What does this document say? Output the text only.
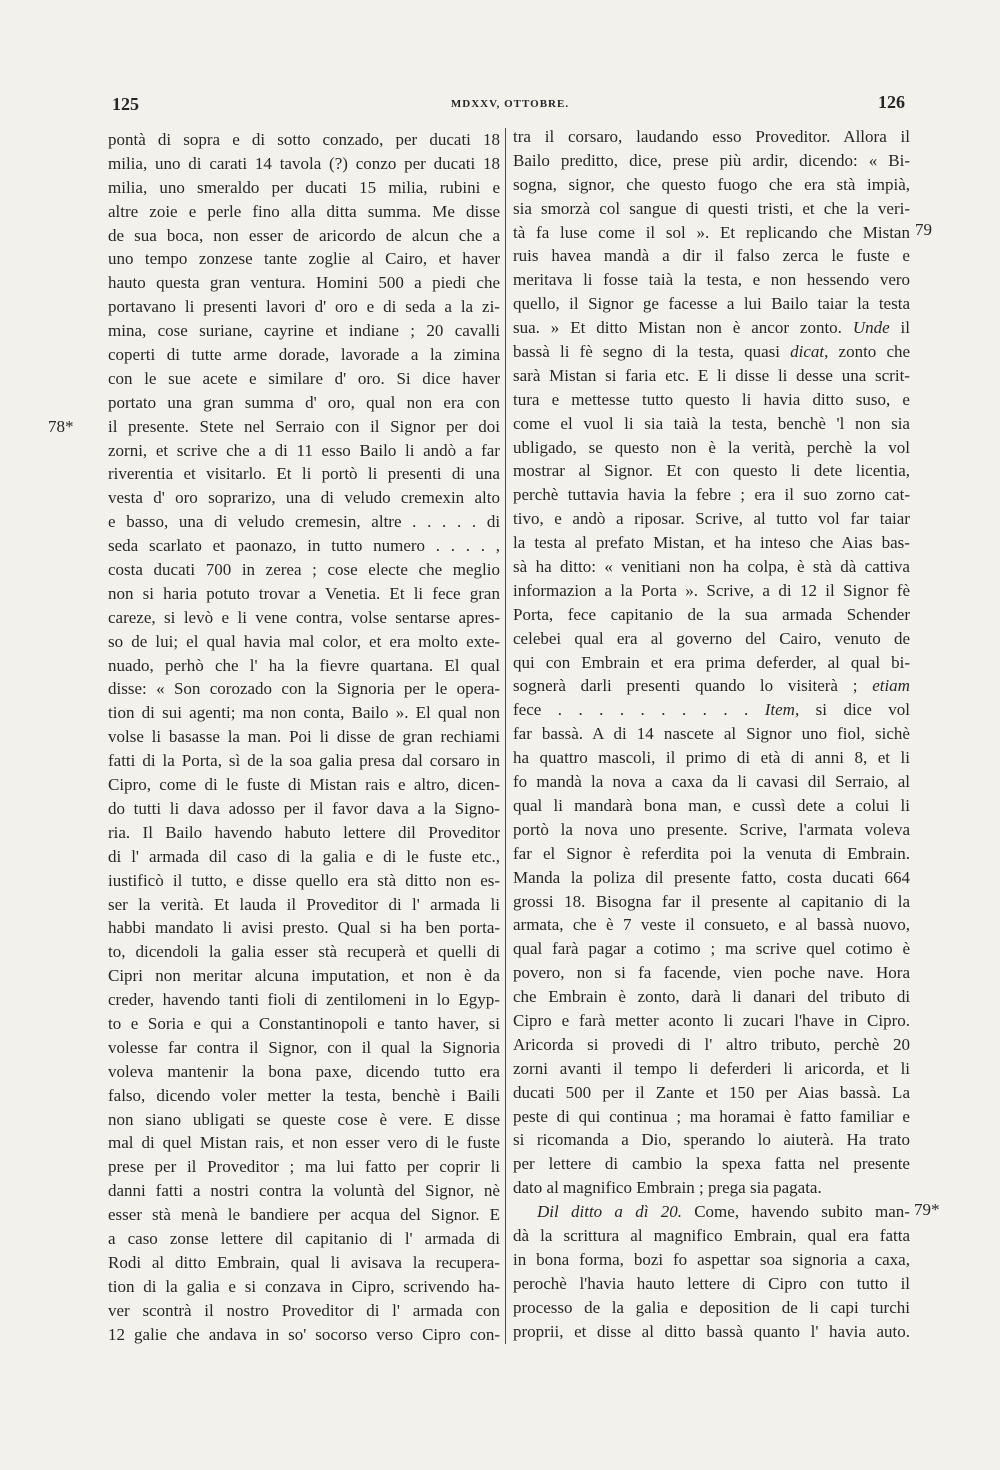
125	MDXXV, OTTOBRE.	126
pontà di sopra e di sotto conzado, per ducati 18
milia, uno di carati 14 tavola (?) conzo per ducati 18
milia, uno smeraldo per ducati 15 milia, rubini e
altre zoie e perle fino alla ditta summa. Me disse
de sua boca, non esser de aricordo de alcun che a
uno tempo zonzese tante zoglie al Cairo, et haver
hauto questa gran ventura. Homini 500 a piedi che
portavano li presenti lavori d' oro e di seda a la zi-
mina, cose suriane, cayrine et indiane ; 20 cavalli
coperti di tutte arme dorade, lavorade a la zimina
con le sue acete e similare d' oro. Si dice haver
portato una gran summa d' oro, qual non era con
il presente. Stete nel Serraio con il Signor per doi
zorni, et scrive che a di 11 esso Bailo li andò a far
riverentia et visitarlo. Et li portò li presenti di una
vesta d' oro soprarizo, una di veludo cremexin alto
e basso, una di veludo cremesin, altre . . . . . di
seda scarlato et paonazo, in tutto numero . . . . ,
costa ducati 700 in zerea ; cose electe che meglio
non si haria potuto trovar a Venetia. Et li fece gran
careze, si levò e li vene contra, volse sentarse apres-
so de lui; el qual havia mal color, et era molto exte-
nuado, perhò che l' ha la fievre quartana. El qual
disse: « Son corozado con la Signoria per le opera-
tion di sui agenti; ma non conta, Bailo ». El qual non
volse li basasse la man. Poi li disse de gran rechiami
fatti di la Porta, sì de la soa galia presa dal corsaro in
Cipro, come di le fuste di Mistan rais e altro, dicen-
do tutti li dava adosso per il favor dava a la Signo-
ria. Il Bailo havendo habuto lettere dil Proveditor
di l' armada dil caso di la galia e di le fuste etc.,
iustificò il tutto, e disse quello era stà ditto non es-
ser la verità. Et lauda il Proveditor di l' armada li
habbi mandato li avisi presto. Qual si ha ben porta-
to, dicendoli la galia esser stà recuperà et quelli di
Cipri non meritar alcuna imputation, et non è da
creder, havendo tanti fioli di zentilomeni in lo Egyp-
to e Soria e qui a Constantinopoli e tanto haver, si
volesse far contra il Signor, con il qual la Signoria
voleva mantenir la bona paxe, dicendo tutto era
falso, dicendo voler metter la testa, benchè i Baili
non siano ubligati se queste cose è vere. E disse
mal di quel Mistan rais, et non esser vero di le fuste
prese per il Proveditor ; ma lui fatto per coprir li
danni fatti a nostri contra la voluntà del Signor, nè
esser stà menà le bandiere per acqua del Signor. E
a caso zonse lettere dil capitanio di l' armada di
Rodi al ditto Embrain, qual li avisava la recupera-
tion di la galia e si conzava in Cipro, scrivendo ha-
ver scontrà il nostro Proveditor di l' armada con
12 galie che andava in so' socorso verso Cipro con-
tra il corsaro, laudando esso Proveditor. Allora il
Bailo preditto, dice, prese più ardir, dicendo: « Bi-
sogna, signor, che questo fuogo che era stà impià,
sia smorzà col sangue di questi tristi, et che la veri-
tà fa luse come il sol ». Et replicando che Mistan
ruis havea mandà a dir il falso zerca le fuste e
meritava li fosse taià la testa, e non hessendo vero
quello, il Signor ge facesse a lui Bailo taiar la testa
sua. » Et ditto Mistan non è ancor zonto. Unde il
bassà li fè segno di la testa, quasi dicat, zonto che
sarà Mistan si faria etc. E li disse li desse una scrit-
tura e mettesse tutto questo li havia ditto suso, e
come el vuol li sia taià la testa, benchè 'l non sia
ubligado, se questo non è la verità, perchè la vol
mostrar al Signor. Et con questo li dete licentia,
perchè tuttavia havia la febre ; era il suo zorno cat-
tivo, e andò a riposar. Scrive, al tutto vol far taiar
la testa al prefato Mistan, et ha inteso che Aias bas-
sà ha ditto: « venitiani non ha colpa, è stà dà cattiva
informazion a la Porta ». Scrive, a di 12 il Signor fè
Porta, fece capitanio de la sua armada Schender
celebei qual era al governo del Cairo, venuto de
qui con Embrain et era prima deferder, al qual bi-
sognerà darli presenti quando lo visiterà ; etiam
fece . . . . . . . . . . Item, si dice vol
far bassà. A di 14 nascete al Signor uno fiol, sichè
ha quattro mascoli, il primo di età di anni 8, et li
fo mandà la nova a caxa da li cavasi dil Serraio, al
qual li mandarà bona man, e cussì dete a colui li
portò la nova uno presente. Scrive, l'armata voleva
far el Signor è referdita poi la venuta di Embrain.
Manda la poliza dil presente fatto, costa ducati 664
grossi 18. Bisogna far il presente al capitanio di la
armata, che è 7 veste il consueto, e al bassà nuovo,
qual farà pagar a cotimo ; ma scrive quel cotimo è
povero, non si fa facende, vien poche nave. Hora
che Embrain è zonto, darà li danari del tributo di
Cipro e farà metter aconto li zucari l'have in Cipro.
Aricorda si provedi di l' altro tributo, perchè 20
zorni avanti il tempo li deferderi li aricorda, et li
ducati 500 per il Zante et 150 per Aias bassà. La
peste di qui continua ; ma horamai è fatto familiar e
si ricomanda a Dio, sperando lo aiuterà. Ha trato
per lettere di cambio la spexa fatta nel presente
dato al magnifico Embrain ; prega sia pagata.
Dil ditto a dì 20. Come, havendo subito man-
dà la scrittura al magnifico Embrain, qual era fatta
in bona forma, bozi fo aspettar soa signoria a caxa,
perochè l'havia hauto lettere di Cipro con tutto il
processo de la galia e deposition de li capi turchi
proprii, et disse al ditto bassà quanto l' havia auto.
78*
79
79*
